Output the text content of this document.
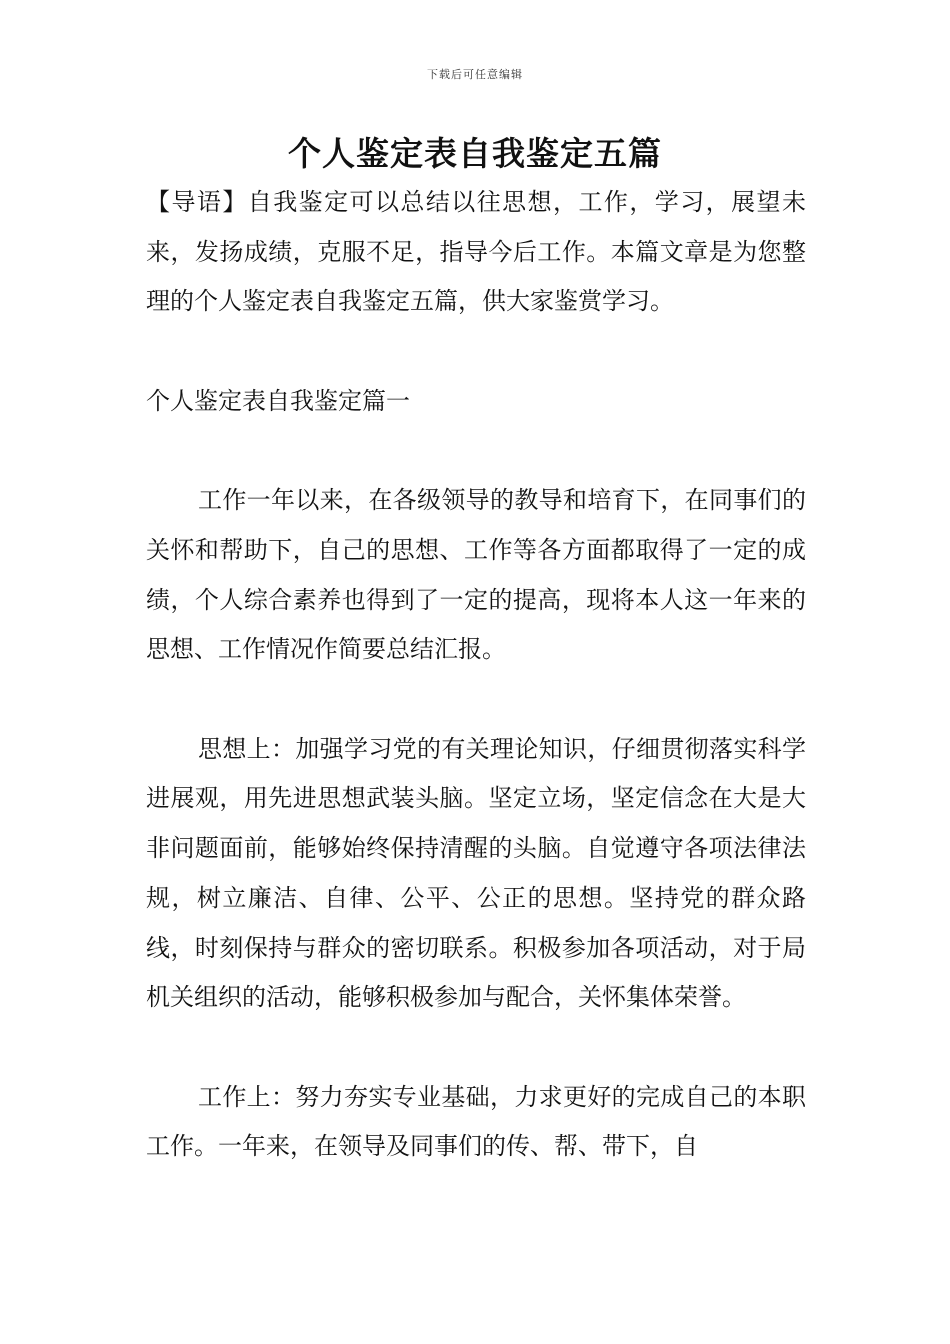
下载后可任意编辑
个人鉴定表自我鉴定五篇

【导语】自我鉴定可以总结以往思想，工作，学习，展望未来，发扬成绩，克服不足，指导今后工作。本篇文章是为您整理的个人鉴定表自我鉴定五篇，供大家鉴赏学习。

个人鉴定表自我鉴定篇一

工作一年以来，在各级领导的教导和培育下，在同事们的关怀和帮助下，自己的思想、工作等各方面都取得了一定的成绩，个人综合素养也得到了一定的提高，现将本人这一年来的思想、工作情况作简要总结汇报。

思想上：加强学习党的有关理论知识，仔细贯彻落实科学进展观，用先进思想武装头脑。坚定立场，坚定信念在大是大非问题面前，能够始终保持清醒的头脑。自觉遵守各项法律法规，树立廉洁、自律、公平、公正的思想。坚持党的群众路线，时刻保持与群众的密切联系。积极参加各项活动，对于局机关组织的活动，能够积极参加与配合，关怀集体荣誉。

工作上：努力夯实专业基础，力求更好的完成自己的本职工作。一年来，在领导及同事们的传、帮、带下，自
